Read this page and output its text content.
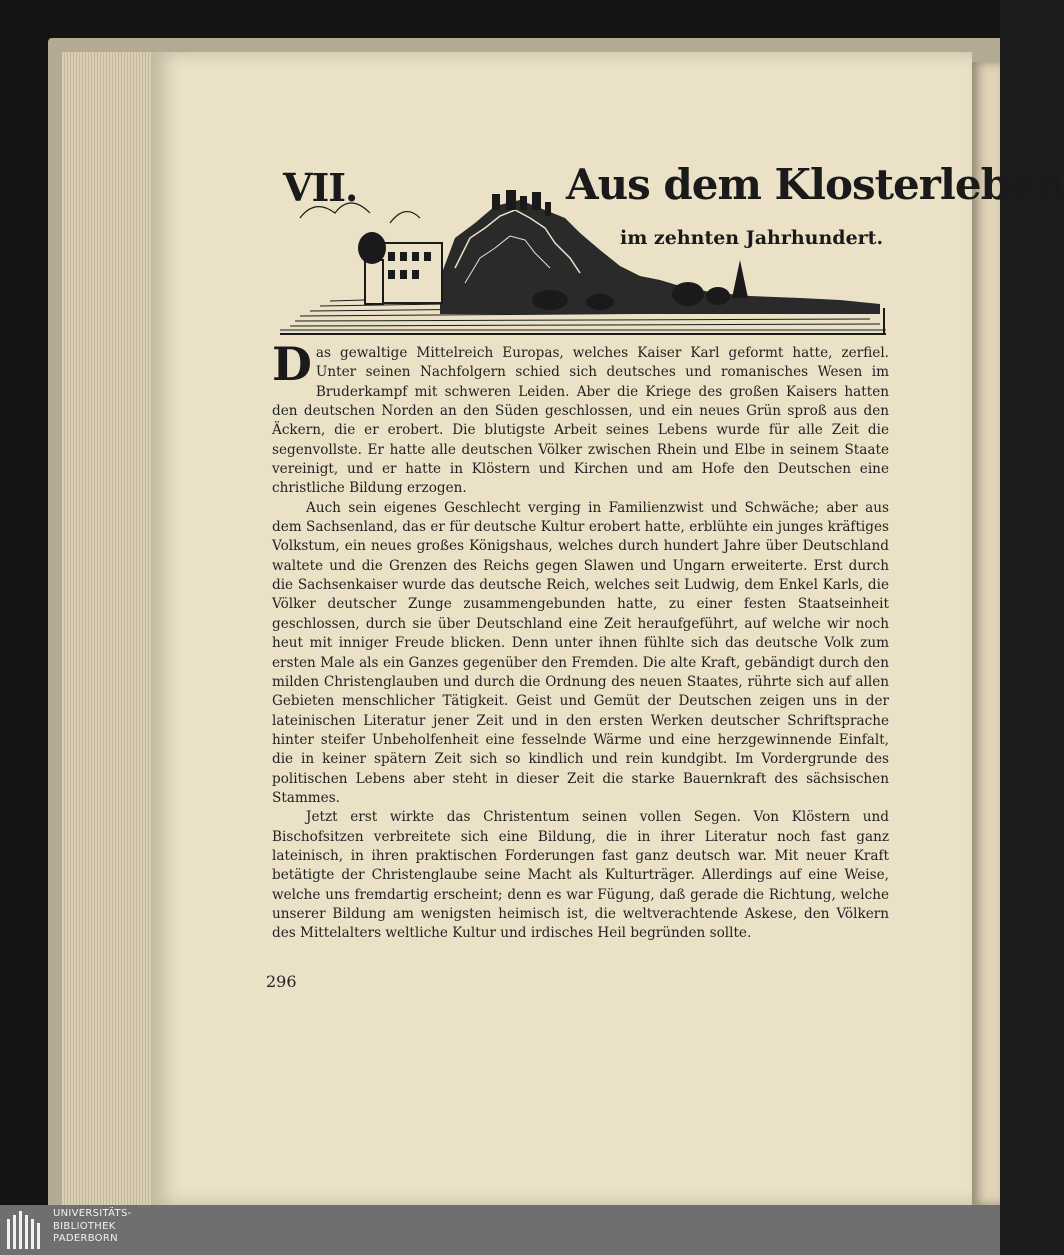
VII.	Aus dem Klosterleben
im zehnten Jahrhundert.

Das gewaltige Mittelreich Europas, welches Kaiser Karl geformt hatte, zerfiel. Unter seinen Nachfolgern schied sich deutsches und romanisches Wesen im Bruderkampf mit schweren Leiden. Aber die Kriege des großen Kaisers hatten den deutschen Norden an den Süden geschlossen, und ein neues Grün sproß aus den Äckern, die er erobert. Die blutigste Arbeit seines Lebens wurde für alle Zeit die segenvollste. Er hatte alle deutschen Völker zwischen Rhein und Elbe in seinem Staate vereinigt, und er hatte in Klöstern und Kirchen und am Hofe den Deutschen eine christliche Bildung erzogen.

Auch sein eigenes Geschlecht verging in Familienzwist und Schwäche; aber aus dem Sachsenland, das er für deutsche Kultur erobert hatte, erblühte ein junges kräftiges Volkstum, ein neues großes Königshaus, welches durch hundert Jahre über Deutschland waltete und die Grenzen des Reichs gegen Slawen und Ungarn erweiterte. Erst durch die Sachsenkaiser wurde das deutsche Reich, welches seit Ludwig, dem Enkel Karls, die Völker deutscher Zunge zusammengebunden hatte, zu einer festen Staatseinheit geschlossen, durch sie über Deutschland eine Zeit heraufgeführt, auf welche wir noch heut mit inniger Freude blicken. Denn unter ihnen fühlte sich das deutsche Volk zum ersten Male als ein Ganzes gegenüber den Fremden. Die alte Kraft, gebändigt durch den milden Christenglauben und durch die Ordnung des neuen Staates, rührte sich auf allen Gebieten menschlicher Tätigkeit. Geist und Gemüt der Deutschen zeigen uns in der lateinischen Literatur jener Zeit und in den ersten Werken deutscher Schriftsprache hinter steifer Unbeholfenheit eine fesselnde Wärme und eine herzgewinnende Einfalt, die in keiner spätern Zeit sich so kindlich und rein kundgibt. Im Vordergrunde des politischen Lebens aber steht in dieser Zeit die starke Bauernkraft des sächsischen Stammes.

Jetzt erst wirkte das Christentum seinen vollen Segen. Von Klöstern und Bischofsitzen verbreitete sich eine Bildung, die in ihrer Literatur noch fast ganz lateinisch, in ihren praktischen Forderungen fast ganz deutsch war. Mit neuer Kraft betätigte der Christenglaube seine Macht als Kulturträger. Allerdings auf eine Weise, welche uns fremdartig erscheint; denn es war Fügung, daß gerade die Richtung, welche unserer Bildung am wenigsten heimisch ist, die weltverachtende Askese, den Völkern des Mittelalters weltliche Kultur und irdisches Heil begründen sollte.

296
UNIVERSITÄTS-
BIBLIOTHEK
PADERBORN
